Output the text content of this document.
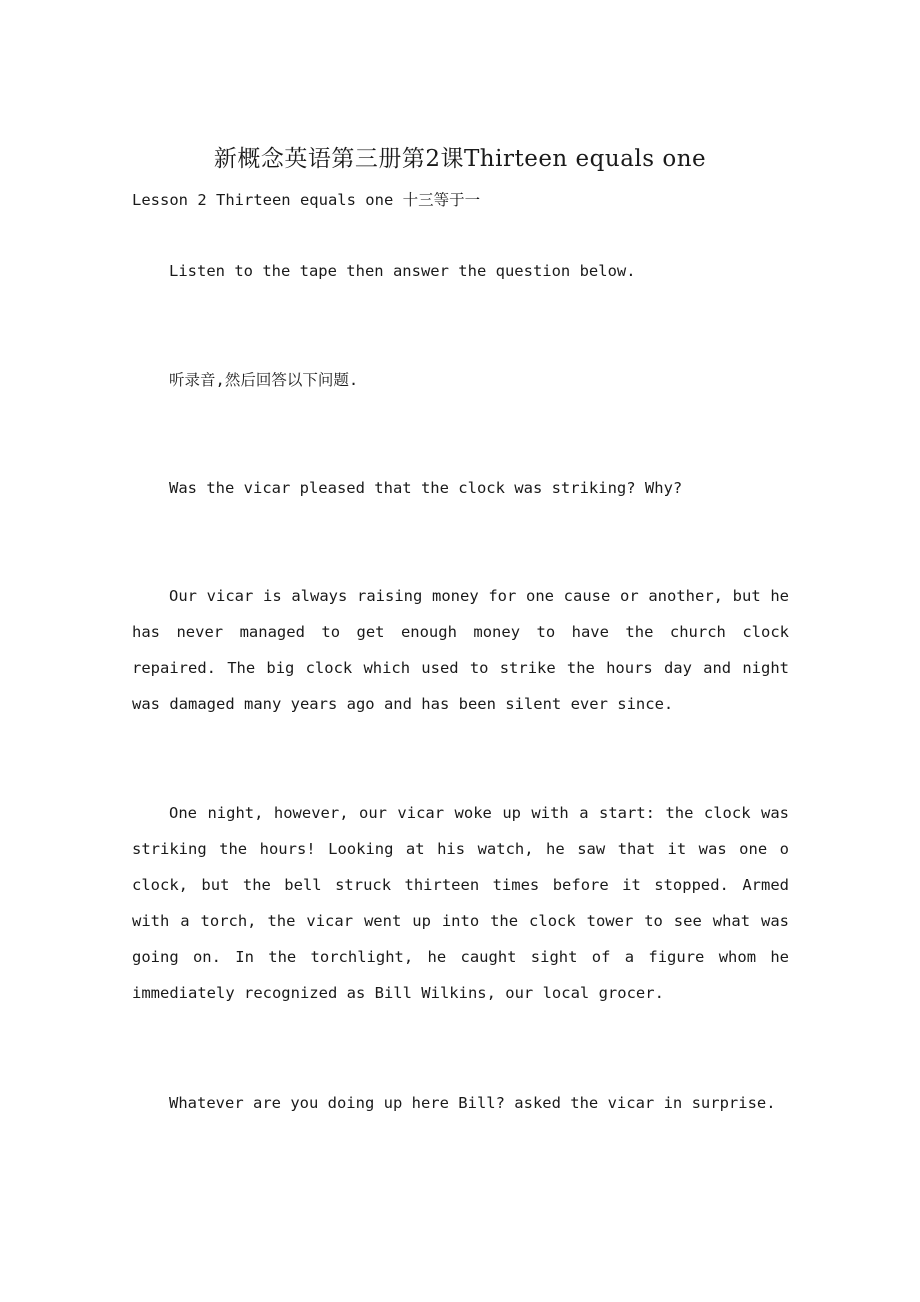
新概念英语第三册第2课Thirteen equals one

Lesson 2 Thirteen equals one 十三等于一

Listen to the tape then answer the question below.

听录音,然后回答以下问题.

Was the vicar pleased that the clock was striking? Why?

Our vicar is always raising money for one cause or another, but he has never managed to get enough money to have the church clock repaired. The big clock which used to strike the hours day and night was damaged many years ago and has been silent ever since.

One night, however, our vicar woke up with a start: the clock was striking the hours! Looking at his watch, he saw that it was one o clock, but the bell struck thirteen times before it stopped. Armed with a torch, the vicar went up into the clock tower to see what was going on. In the torchlight, he caught sight of a figure whom he immediately recognized as Bill Wilkins, our local grocer.

Whatever are you doing up here Bill? asked the vicar in surprise.
